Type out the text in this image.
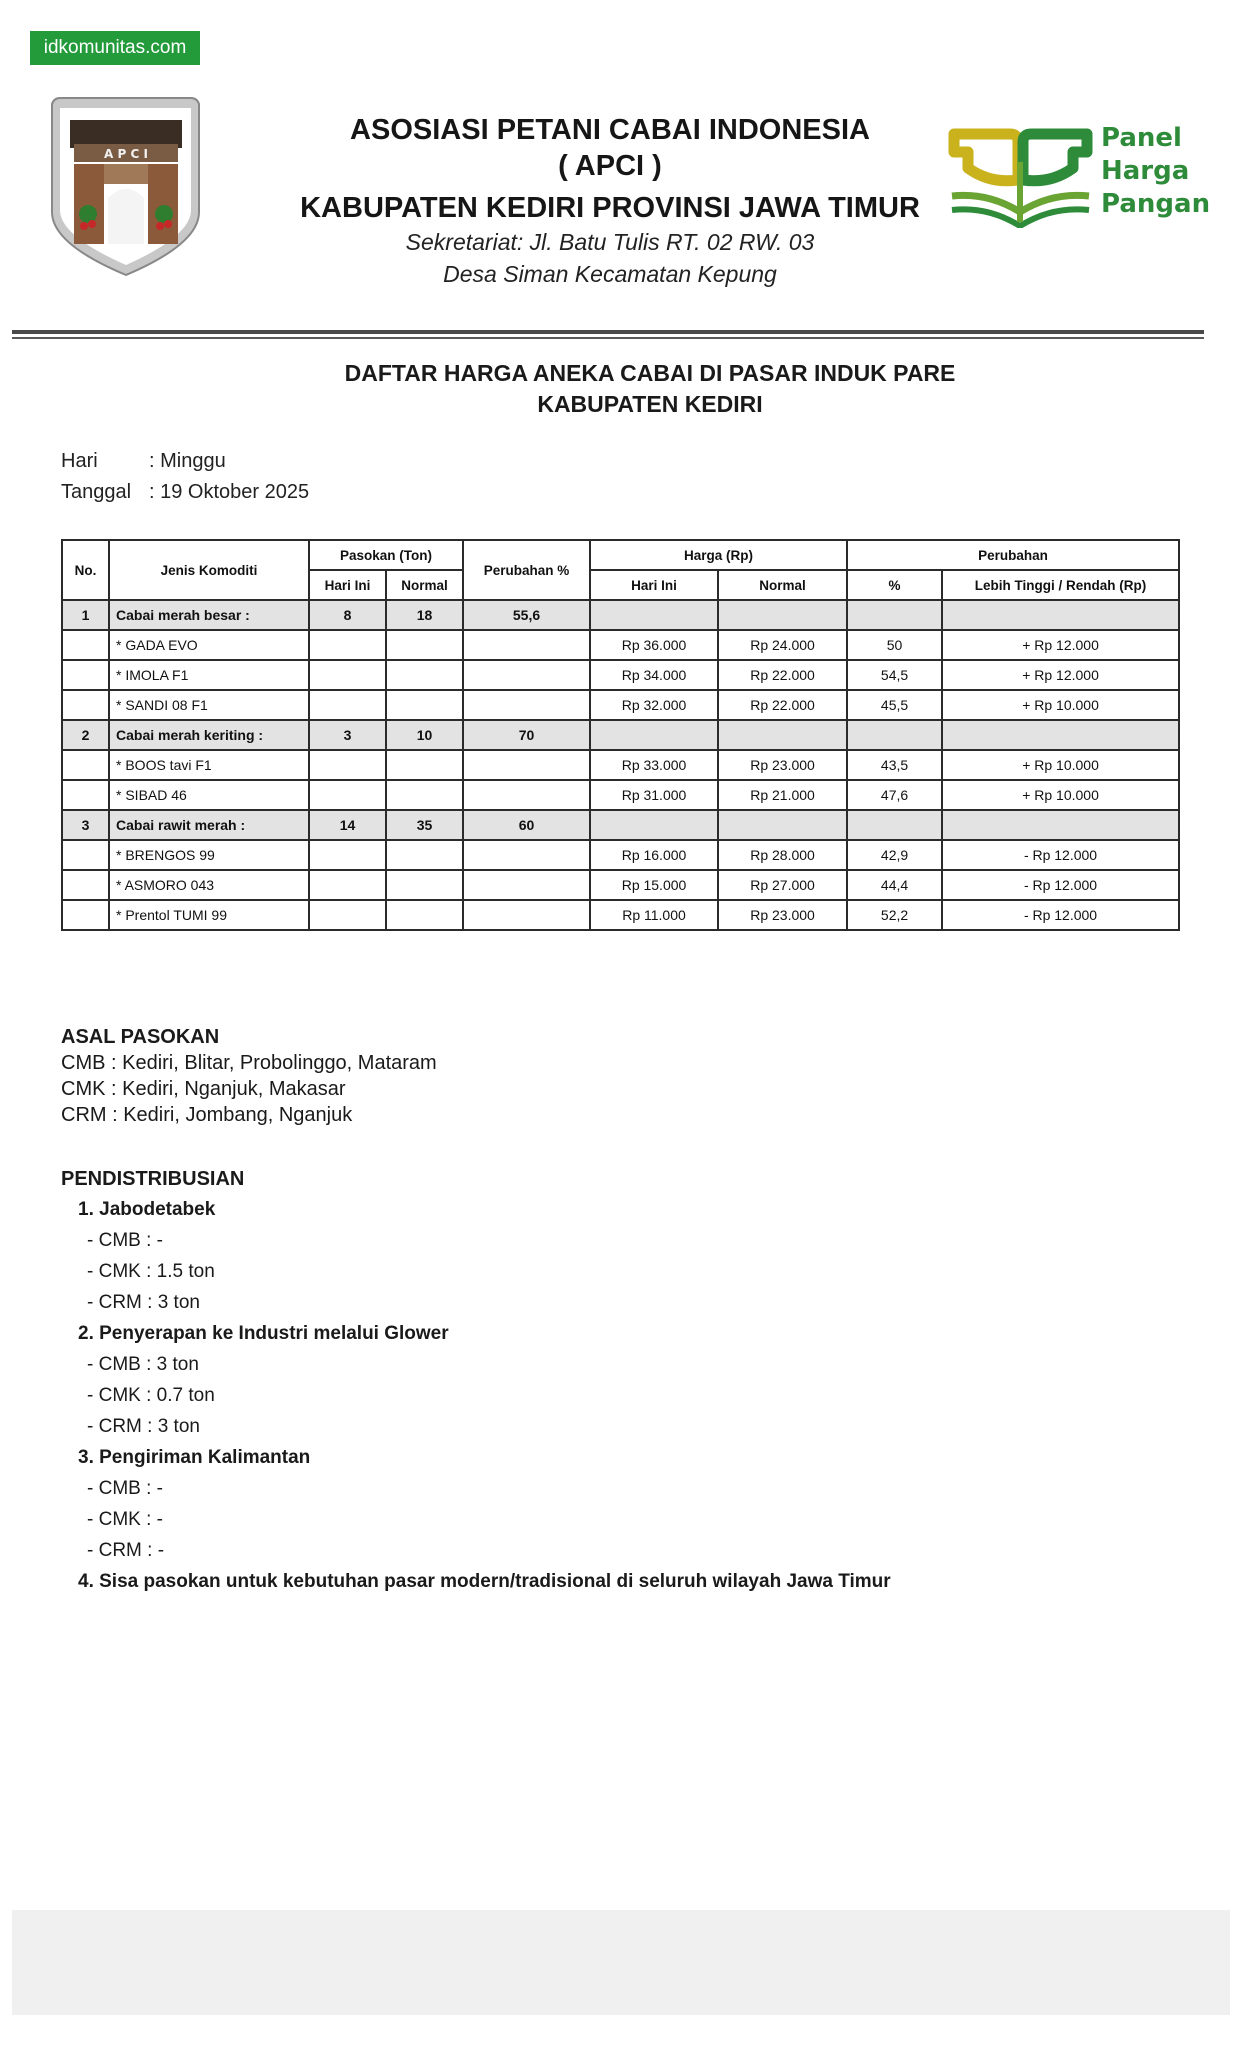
idkomunitas.com
A P C I
Panel
Harga
Pangan

ASOSIASI PETANI CABAI INDONESIA

( APCI )

KABUPATEN KEDIRI PROVINSI JAWA TIMUR

Sekretariat: Jl. Batu Tulis RT. 02 RW. 03

Desa Siman Kecamatan Kepung

DAFTAR HARGA ANEKA CABAI DI PASAR INDUK PARE
KABUPATEN KEDIRI
Hari	: Minggu
Tanggal : 19 Oktober 2025
No.	Jenis Komoditi	Pasokan (Ton)		Perubahan %	Harga (Rp)		Perubahan	
		Hari Ini	Normal		Hari Ini	Normal	%	Lebih Tinggi / Rendah (Rp)
1	Cabai merah besar :	8	18	55,6				
	* GADA EVO				Rp 36.000	Rp 24.000	50	+ Rp 12.000
	* IMOLA F1				Rp 34.000	Rp 22.000	54,5	+ Rp 12.000
	* SANDI 08 F1				Rp 32.000	Rp 22.000	45,5	+ Rp 10.000
2	Cabai merah keriting :	3	10	70				
	* BOOS tavi F1				Rp 33.000	Rp 23.000	43,5	+ Rp 10.000
	* SIBAD 46				Rp 31.000	Rp 21.000	47,6	+ Rp 10.000
3	Cabai rawit merah :	14	35	60				
	* BRENGOS 99				Rp 16.000	Rp 28.000	42,9	- Rp 12.000
	* ASMORO 043				Rp 15.000	Rp 27.000	44,4	- Rp 12.000
	* Prentol TUMI 99				Rp 11.000	Rp 23.000	52,2	- Rp 12.000
ASAL PASOKAN
CMB : Kediri, Blitar, Probolinggo, Mataram
CMK : Kediri, Nganjuk, Makasar
CRM : Kediri, Jombang, Nganjuk
PENDISTRIBUSIAN
1. Jabodetabek
- CMB : -
- CMK : 1.5 ton
- CRM : 3 ton
2. Penyerapan ke Industri melalui Glower
- CMB : 3 ton
- CMK : 0.7 ton
- CRM : 3 ton
3. Pengiriman Kalimantan
- CMB : -
- CMK : -
- CRM : -
4. Sisa pasokan untuk kebutuhan pasar modern/tradisional di seluruh wilayah Jawa Timur
